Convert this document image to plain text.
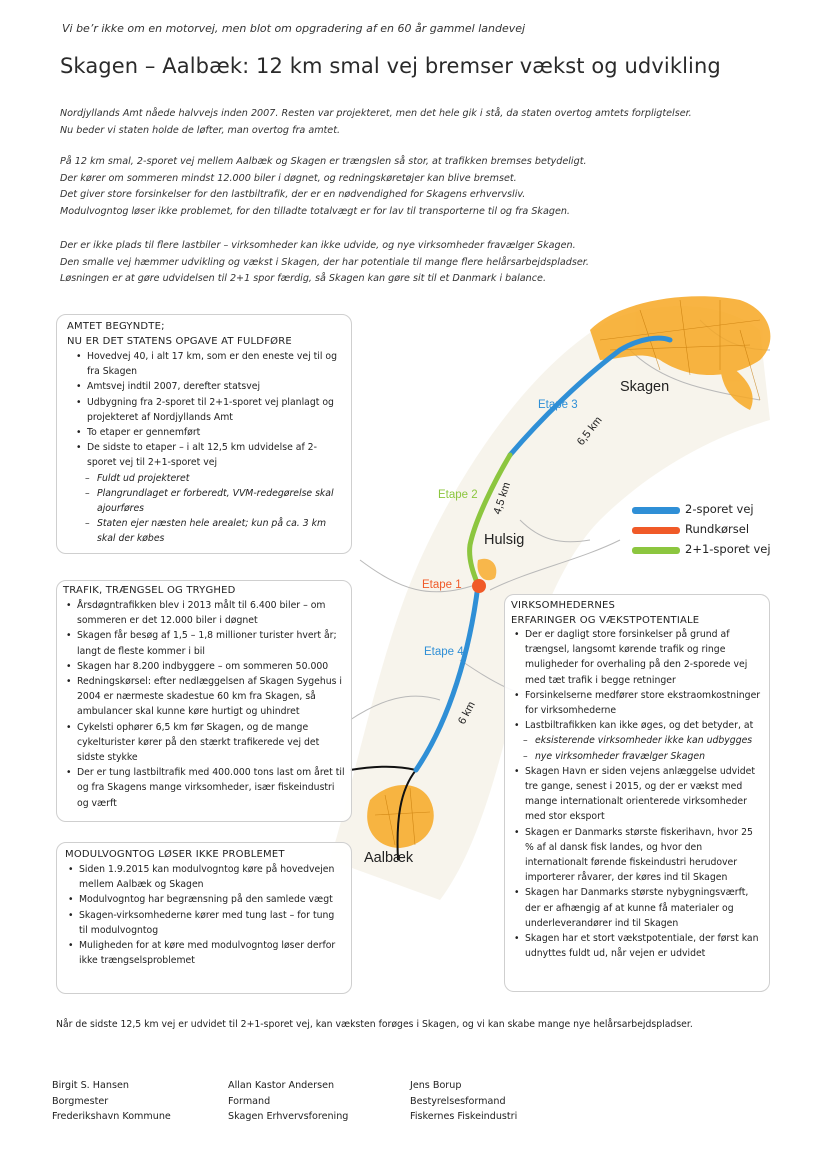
Vi be’r ikke om en motorvej, men blot om opgradering af en 60 år gammel landevej
Skagen – Aalbæk: 12 km smal vej bremser vækst og udvikling
Nordjyllands Amt nåede halvvejs inden 2007. Resten var projekteret, men det hele gik i stå, da staten overtog amtets forpligtelser.
Nu beder vi staten holde de løfter, man overtog fra amtet.
På 12 km smal, 2-sporet vej mellem Aalbæk og Skagen er trængslen så stor, at trafikken bremses betydeligt.
Der kører om sommeren mindst 12.000 biler i døgnet, og redningskøretøjer kan blive bremset.
Det giver store forsinkelser for den lastbiltrafik, der er en nødvendighed for Skagens erhvervsliv.
Modulvogntog løser ikke problemet, for den tilladte totalvægt er for lav til transporterne til og fra Skagen.
Der er ikke plads til flere lastbiler – virksomheder kan ikke udvide, og nye virksomheder fravælger Skagen.
Den smalle vej hæmmer udvikling og vækst i Skagen, der har potentiale til mange flere helårsarbejdspladser.
Løsningen er at gøre udvidelsen til 2+1 spor færdig, så Skagen kan gøre sit til et Danmark i balance.
Skagen
Hulsig
Aalbæk
Etape 3
Etape 2
Etape 1
Etape 4
6,5 km
4,5 km
6 km
2-sporet vej
Rundkørsel
2+1-sporet vej
AMTET BEGYNDTE;
NU ER DET STATENS OPGAVE AT FULDFØRE
• Hovedvej 40, i alt 17 km, som er den eneste vej til og fra Skagen
• Amtsvej indtil 2007, derefter statsvej
• Udbygning fra 2-sporet til 2+1-sporet vej planlagt og projekteret af Nordjyllands Amt
• To etaper er gennemført
• De sidste to etaper – i alt 12,5 km udvidelse af 2-sporet vej til 2+1-sporet vej
– Fuldt ud projekteret
– Plangrundlaget er forberedt, VVM-redegørelse skal ajourføres
– Staten ejer næsten hele arealet; kun på ca. 3 km skal der købes
TRAFIK, TRÆNGSEL OG TRYGHED
• Årsdøgntrafikken blev i 2013 målt til 6.400 biler – om sommeren er det 12.000 biler i døgnet
• Skagen får besøg af 1,5 – 1,8 millioner turister hvert år; langt de fleste kommer i bil
• Skagen har 8.200 indbyggere – om sommeren 50.000
• Redningskørsel: efter nedlæggelsen af Skagen Sygehus i 2004 er nærmeste skadestue 60 km fra Skagen, så ambulancer skal kunne køre hurtigt og uhindret
• Cykelsti ophører 6,5 km før Skagen, og de mange cykelturister kører på den stærkt trafikerede vej det sidste stykke
• Der er tung lastbiltrafik med 400.000 tons last om året til og fra Skagens mange virksomheder, især fiskeindustri og værft
MODULVOGNTOG LØSER IKKE PROBLEMET
• Siden 1.9.2015 kan modulvogntog køre på hovedvejen mellem Aalbæk og Skagen
• Modulvogntog har begrænsning på den samlede vægt
• Skagen-virksomhederne kører med tung last – for tung til modulvogntog
• Muligheden for at køre med modulvogntog løser derfor ikke trængselsproblemet
VIRKSOMHEDERNES
ERFARINGER OG VÆKSTPOTENTIALE
• Der er dagligt store forsinkelser på grund af trængsel, langsomt kørende trafik og ringe muligheder for overhaling på den 2-sporede vej med tæt trafik i begge retninger
• Forsinkelserne medfører store ekstraomkostninger for virksomhederne
• Lastbiltrafikken kan ikke øges, og det betyder, at
– eksisterende virksomheder ikke kan udbygges
– nye virksomheder fravælger Skagen
• Skagen Havn er siden vejens anlæggelse udvidet tre gange, senest i 2015, og der er vækst med mange internationalt orienterede virksomheder med stor eksport
• Skagen er Danmarks største fiskerihavn, hvor 25 % af al dansk fisk landes, og hvor den internationalt førende fiskeindustri herudover importerer råvarer, der køres ind til Skagen
• Skagen har Danmarks største nybygningsværft, der er afhængig af at kunne få materialer og underleverandører ind til Skagen
• Skagen har et stort vækstpotentiale, der først kan udnyttes fuldt ud, når vejen er udvidet

Når de sidste 12,5 km vej er udvidet til 2+1-sporet vej, kan væksten forøges i Skagen, og vi kan skabe mange nye helårsarbejdspladser.

Birgit S. Hansen
Borgmester
Frederikshavn Kommune
Allan Kastor Andersen
Formand
Skagen Erhvervsforening
Jens Borup
Bestyrelsesformand
Fiskernes Fiskeindustri
